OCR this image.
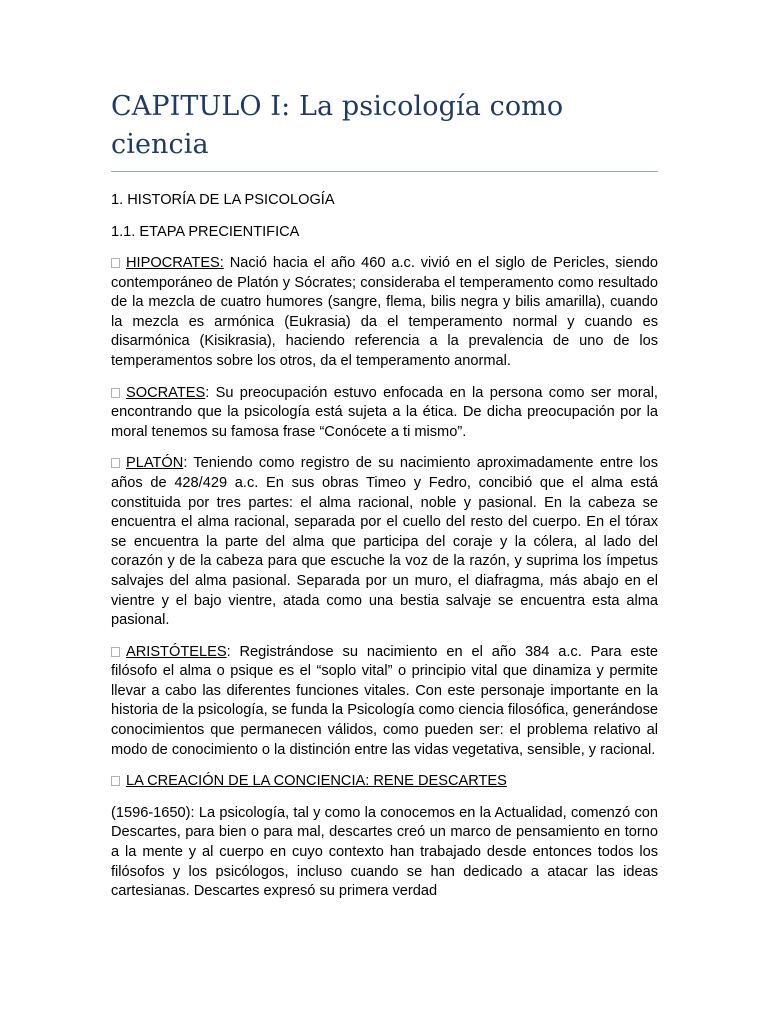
CAPITULO I: La psicología como ciencia

1. HISTORÍA DE LA PSICOLOGÍA

1.1. ETAPA PRECIENTIFICA

HIPOCRATES: Nació hacia el año 460 a.c. vivió en el siglo de Pericles, siendo contemporáneo de Platón y Sócrates; consideraba el temperamento como resultado de la mezcla de cuatro humores (sangre, flema, bilis negra y bilis amarilla), cuando la mezcla es armónica (Eukrasia) da el temperamento normal y cuando es disarmónica (Kisikrasia), haciendo referencia a la prevalencia de uno de los temperamentos sobre los otros, da el temperamento anormal.

SOCRATES: Su preocupación estuvo enfocada en la persona como ser moral, encontrando que la psicología está sujeta a la ética. De dicha preocupación por la moral tenemos su famosa frase “Conócete a ti mismo”.

PLATÓN: Teniendo como registro de su nacimiento aproximadamente entre los años de 428/429 a.c. En sus obras Timeo y Fedro, concibió que el alma está constituida por tres partes: el alma racional, noble y pasional. En la cabeza se encuentra el alma racional, separada por el cuello del resto del cuerpo. En el tórax se encuentra la parte del alma que participa del coraje y la cólera, al lado del corazón y de la cabeza para que escuche la voz de la razón, y suprima los ímpetus salvajes del alma pasional. Separada por un muro, el diafragma, más abajo en el vientre y el bajo vientre, atada como una bestia salvaje se encuentra esta alma pasional.

ARISTÓTELES: Registrándose su nacimiento en el año 384 a.c. Para este filósofo el alma o psique es el “soplo vital” o principio vital que dinamiza y permite llevar a cabo las diferentes funciones vitales. Con este personaje importante en la historia de la psicología, se funda la Psicología como ciencia filosófica, generándose conocimientos que permanecen válidos, como pueden ser: el problema relativo al modo de conocimiento o la distinción entre las vidas vegetativa, sensible, y racional.

LA CREACIÓN DE LA CONCIENCIA: RENE DESCARTES

(1596-1650): La psicología, tal y como la conocemos en la Actualidad, comenzó con Descartes, para bien o para mal, descartes creó un marco de pensamiento en torno a la mente y al cuerpo en cuyo contexto han trabajado desde entonces todos los filósofos y los psicólogos, incluso cuando se han dedicado a atacar las ideas cartesianas. Descartes expresó su primera verdad
